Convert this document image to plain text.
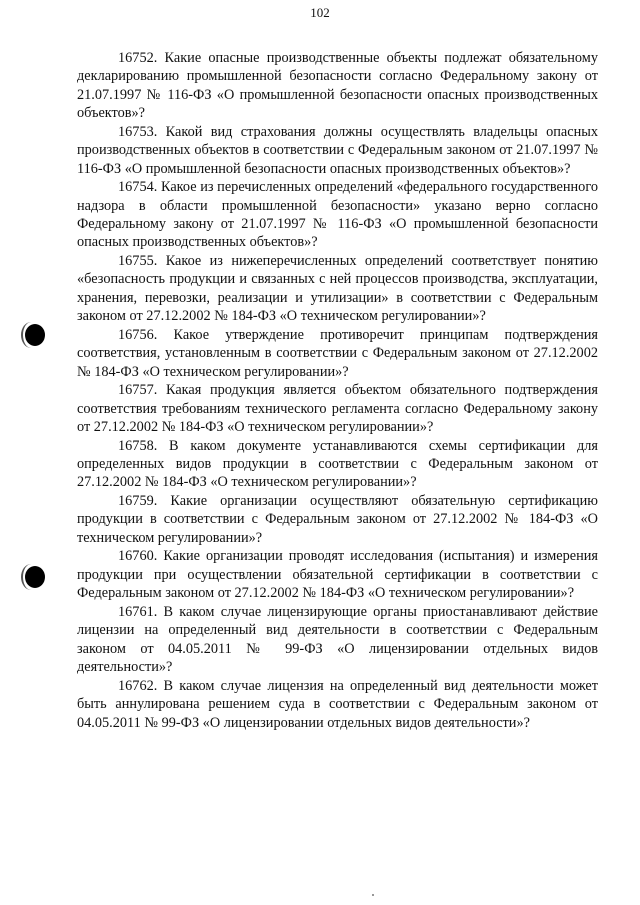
102

16752. Какие опасные производственные объекты подлежат обязательному декларированию промышленной безопасности согласно Федеральному закону от 21.07.1997 № 116-ФЗ «О промышленной безопасности опасных производственных объектов»?

16753. Какой вид страхования должны осуществлять владельцы опасных производственных объектов в соответствии с Федеральным законом от 21.07.1997 № 116-ФЗ «О промышленной безопасности опасных производственных объектов»?

16754. Какое из перечисленных определений «федерального государственного надзора в области промышленной безопасности» указано верно согласно Федеральному закону от 21.07.1997 № 116-ФЗ «О промышленной безопасности опасных производственных объектов»?

16755. Какое из нижеперечисленных определений соответствует понятию «безопасность продукции и связанных с ней процессов производства, эксплуатации, хранения, перевозки, реализации и утилизации» в соответствии с Федеральным законом от 27.12.2002 № 184-ФЗ «О техническом регулировании»?

16756. Какое утверждение противоречит принципам подтверждения соответствия, установленным в соответствии с Федеральным законом от 27.12.2002 № 184-ФЗ «О техническом регулировании»?

16757. Какая продукция является объектом обязательного подтверждения соответствия требованиям технического регламента согласно Федеральному закону от 27.12.2002 № 184-ФЗ «О техническом регулировании»?

16758. В каком документе устанавливаются схемы сертификации для определенных видов продукции в соответствии с Федеральным законом от 27.12.2002 № 184-ФЗ «О техническом регулировании»?

16759. Какие организации осуществляют обязательную сертификацию продукции в соответствии с Федеральным законом от 27.12.2002 № 184-ФЗ «О техническом регулировании»?

16760. Какие организации проводят исследования (испытания) и измерения продукции при осуществлении обязательной сертификации в соответствии с Федеральным законом от 27.12.2002 № 184-ФЗ «О техническом регулировании»?

16761. В каком случае лицензирующие органы приостанавливают действие лицензии на определенный вид деятельности в соответствии с Федеральным законом от 04.05.2011 № 99-ФЗ «О лицензировании отдельных видов деятельности»?

16762. В каком случае лицензия на определенный вид деятельности может быть аннулирована решением суда в соответствии с Федеральным законом от 04.05.2011 № 99-ФЗ «О лицензировании отдельных видов деятельности»?
